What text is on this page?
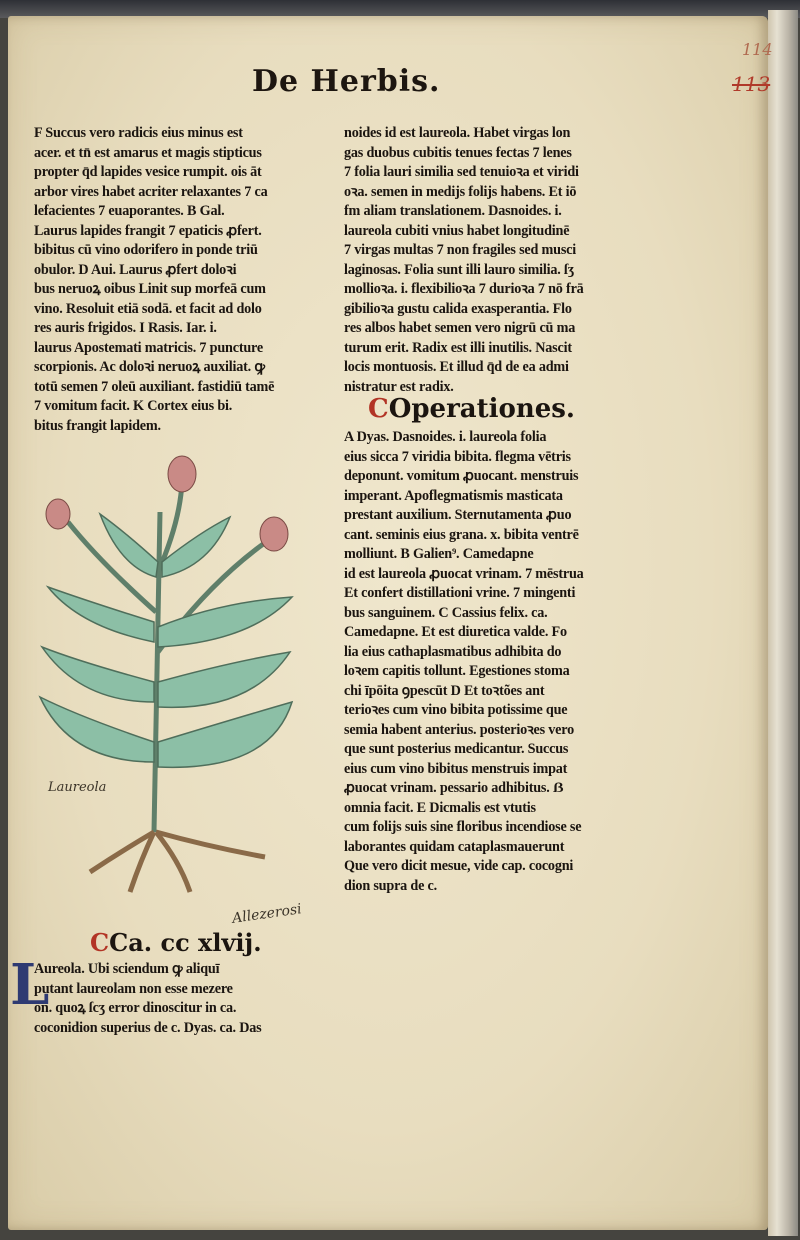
114
113
De Herbis.
F Succus vero radicis eius minus est
acer. et tn̄ est amarus et magis stipticus
propter q̄d lapides vesice rumpit. ois āt
arbor vires habet acriter relaxantes 7 ca
lefacientes 7 euaporantes. B Gal.
Laurus lapides frangit 7 epaticis ꝓfert.
bibitus cū vino odorifero in ponde triū
obulor. D Aui. Laurus ꝓfert doloꝛi
bus neruoꝝ oibus Linit sup morfeā cum
vino. Resoluit etiā sodā. et facit ad dolo
res auris frigidos. I Rasis. Iar. i.
laurus Apostemati matricis. 7 puncture
scorpionis. Ac doloꝛi neruoꝝ auxiliat. ꝙ
totū semen 7 oleū auxiliant. fastidiū tamē
7 vomitum facit. K Cortex eius bi.
bitus frangit lapidem.
noides id est laureola. Habet virgas lon
gas duobus cubitis tenues fectas 7 lenes
7 folia lauri similia sed tenuioꝛa et viridi
oꝛa. semen in medijs folijs habens. Et iō
fm aliam translationem. Dasnoides. i.
laureola cubiti vnius habet longitudinē
7 virgas multas 7 non fragiles sed musci
laginosas. Folia sunt illi lauro similia. ſʒ
mollioꝛa. i. flexibilioꝛa 7 durioꝛa 7 nō frā
gibilioꝛa gustu calida exasperantia. Flo
res albos habet semen vero nigrū cū ma
turum erit. Radix est illi inutilis. Nascit
locis montuosis. Et illud q̄d de ea admi
nistratur est radix.
COperationes.
A Dyas. Dasnoides. i. laureola folia
eius sicca 7 viridia bibita. flegma vētris
deponunt. vomitum ꝓuocant. menstruis
imperant. Apoflegmatismis masticata
prestant auxilium. Sternutamenta ꝓuo
cant. seminis eius grana. x. bibita ventrē
molliunt. B Galien⁹. Camedapne
id est laureola ꝓuocat vrinam. 7 mēstrua
Et confert distillationi vrine. 7 mingenti
bus sanguinem. C Cassius felix. ca.
Camedapne. Et est diuretica valde. Fo
lia eius cathaplasmatibus adhibita do
loꝛem capitis tollunt. Egestiones stoma
chi īpōita ꝯpescūt D Et toꝛtões ant
terioꝛes cum vino bibita potissime que
semia habent anterius. posterioꝛes vero
que sunt posterius medicantur. Succus
eius cum vino bibitus menstruis impat
ꝓuocat vrinam. pessario adhibitus. ẞ
omnia facit. E Dicmalis est vtutis
cum folijs suis sine floribus incendiose se
laborantes quidam cataplasmauerunt
Que vero dicit mesue, vide cap. cocogni
dion supra de c.
Laureola
Allezerosi
CCa. cc xlvij.
L
Aureola. Ubi sciendum ꝙ aliquī
putant laureolam non esse mezere
on. quoꝝ ſcʒ error dinoscitur in ca.
coconidion superius de c. Dyas. ca. Das
